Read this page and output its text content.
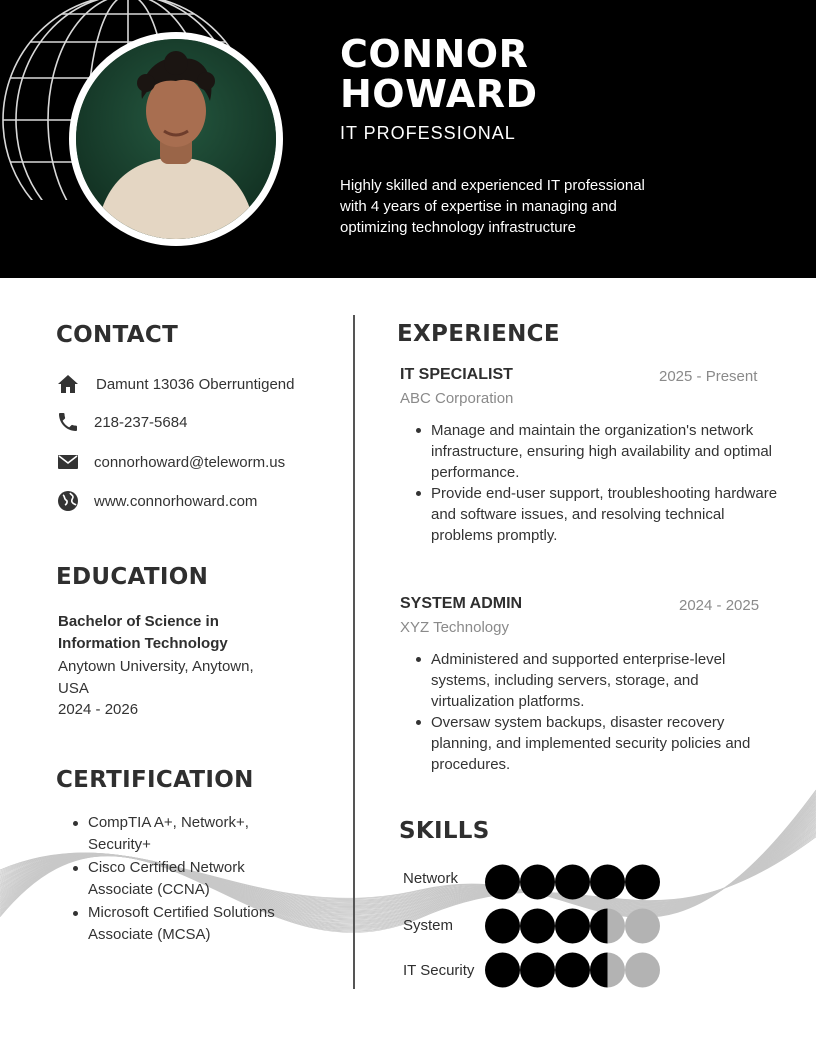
CONNOR
HOWARD
IT PROFESSIONAL
Highly skilled and experienced IT professional with 4 years of expertise in managing and optimizing technology infrastructure
CONTACT
Damunt 13036 Oberruntigend
218-237-5684
connorhoward@teleworm.us
www.connorhoward.com
EDUCATION
Bachelor of Science in Information Technology
Anytown University, Anytown, USA
2024 - 2026
CERTIFICATION
CompTIA A+, Network+, Security+
Cisco Certified Network Associate (CCNA)
Microsoft Certified Solutions Associate (MCSA)
EXPERIENCE
IT SPECIALIST	2025 - Present
ABC Corporation
Manage and maintain the organization's network infrastructure, ensuring high availability and optimal performance.
Provide end-user support, troubleshooting hardware and software issues, and resolving technical problems promptly.
SYSTEM ADMIN	2024 - 2025
XYZ Technology
Administered and supported enterprise-level systems, including servers, storage, and virtualization platforms.
Oversaw system backups, disaster recovery planning, and implemented security policies and procedures.
SKILLS
Network
System
IT Security
